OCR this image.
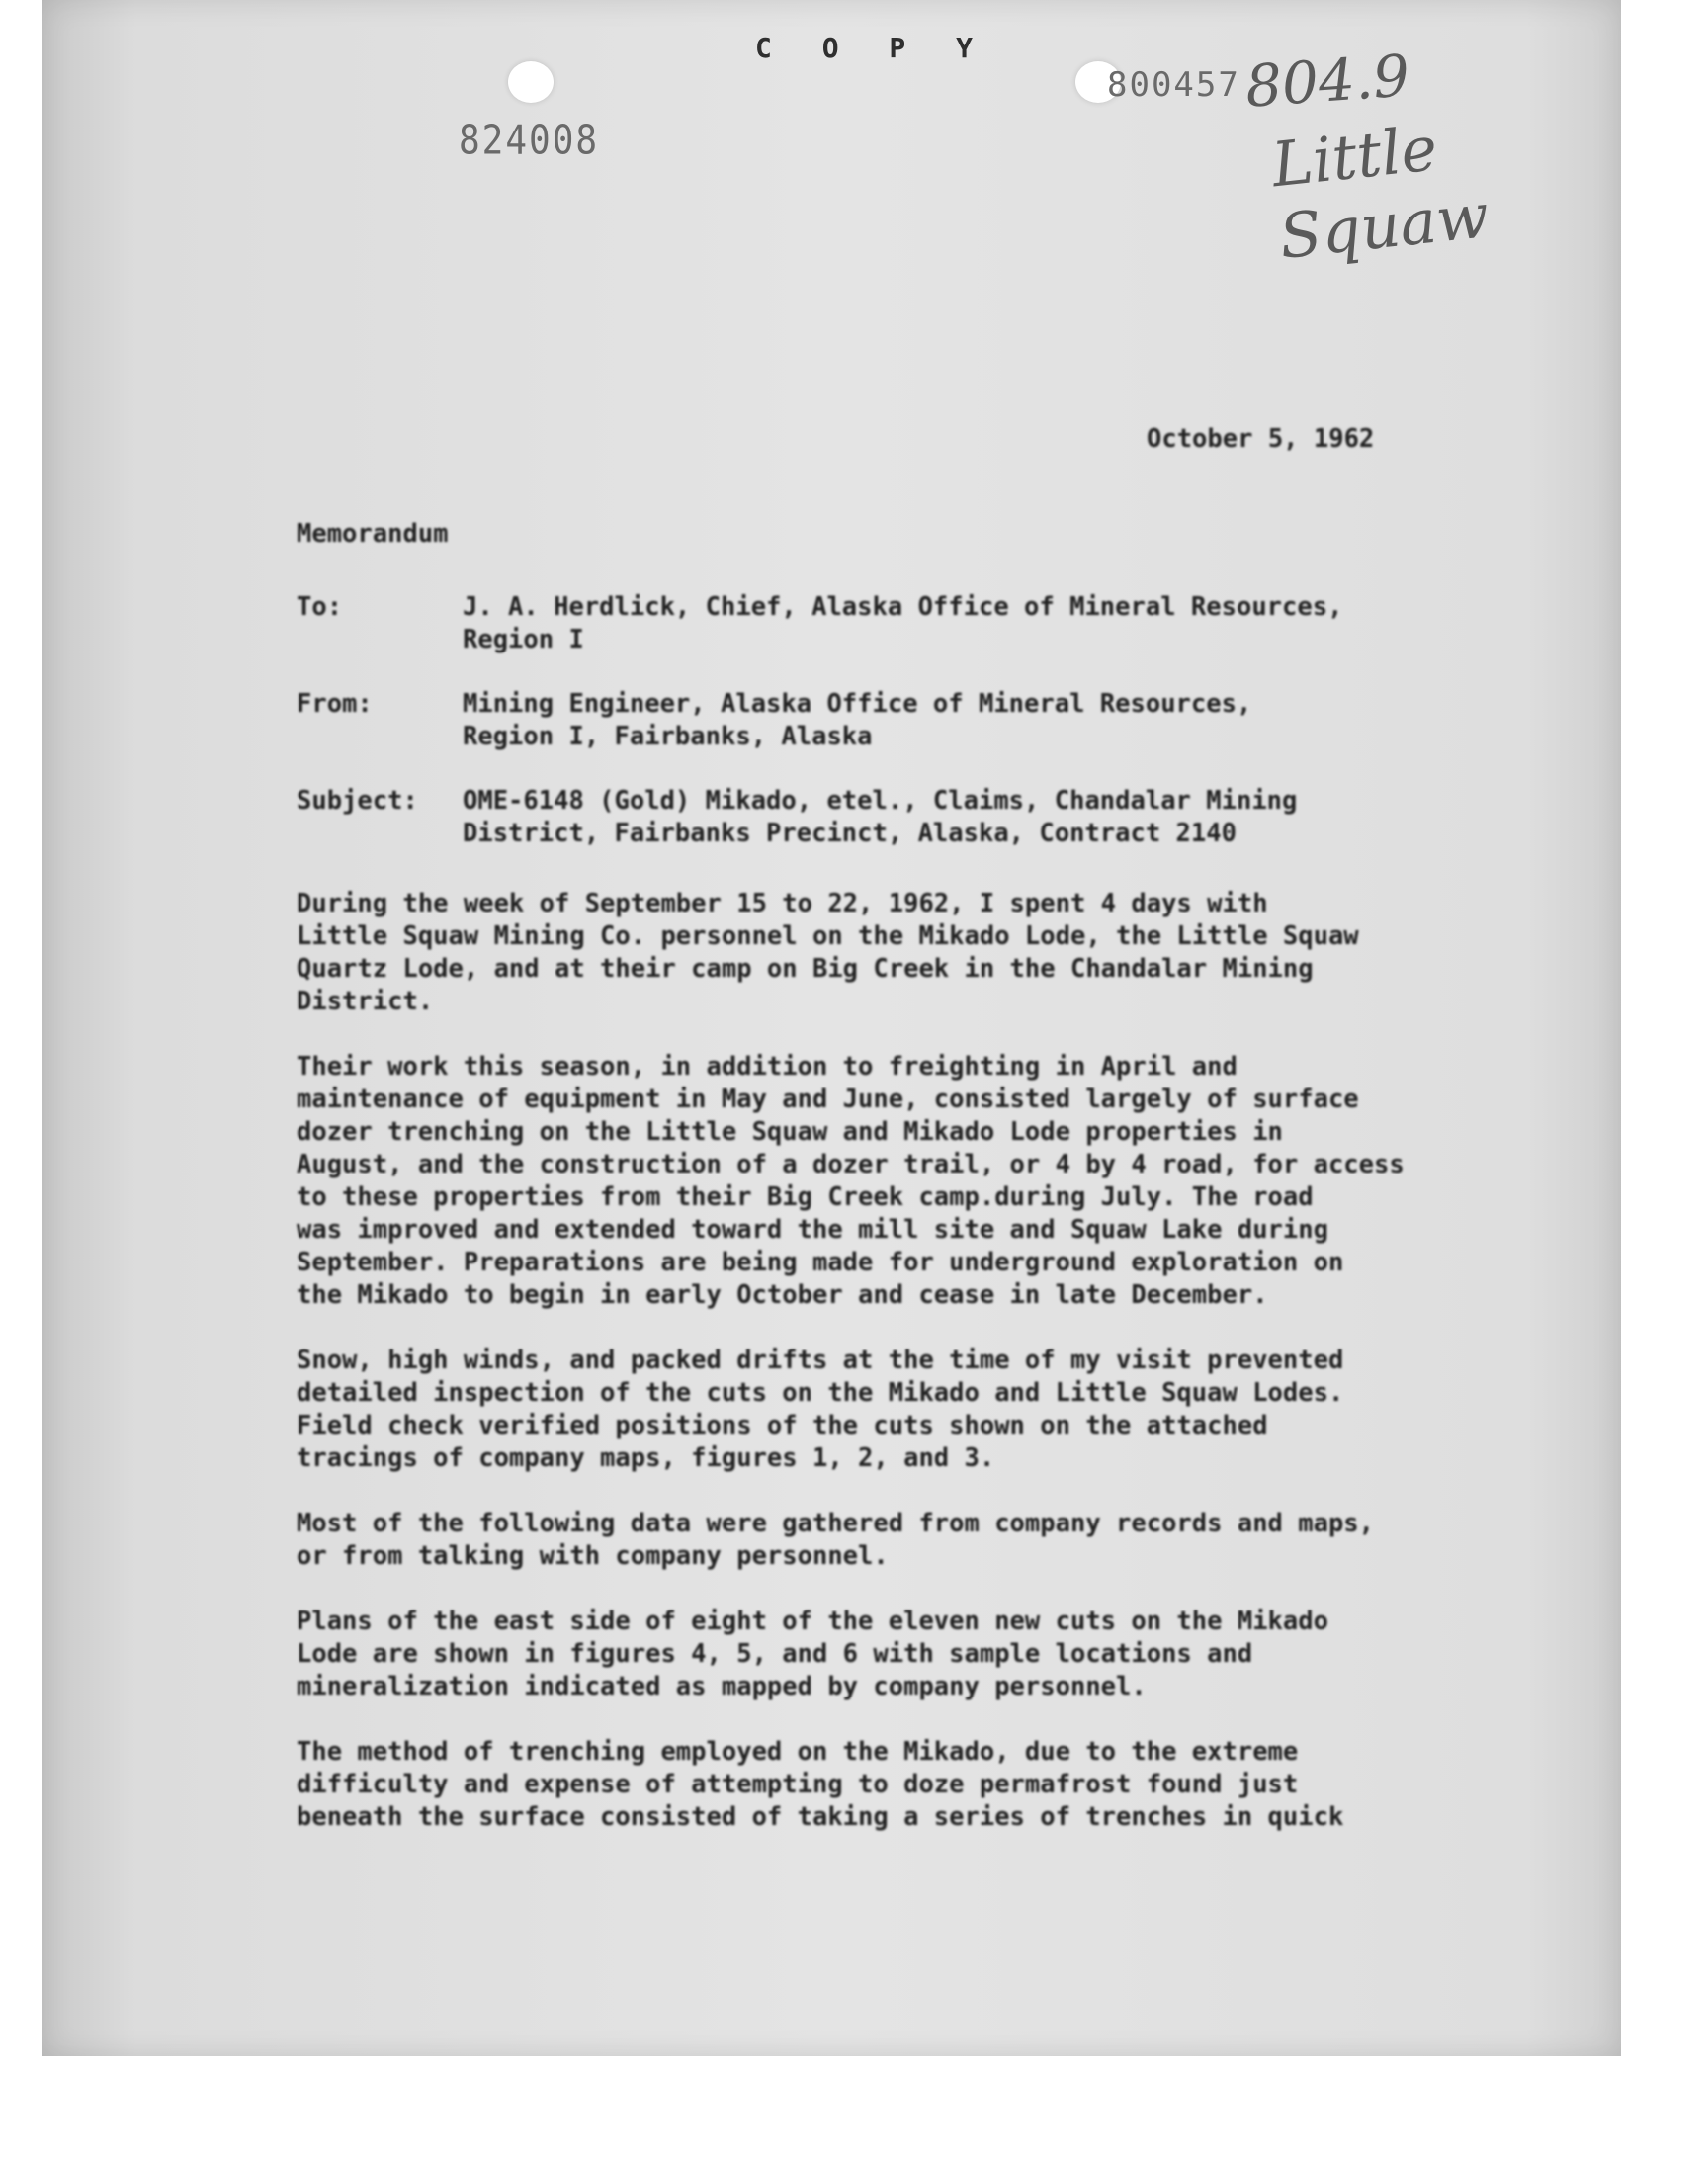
C O P Y
824008
800457 804.9
Little Squaw
October 5, 1962
Memorandum
To:	J. A. Herdlick, Chief, Alaska Office of Mineral Resources,
Region I
From:	Mining Engineer, Alaska Office of Mineral Resources,
Region I, Fairbanks, Alaska
Subject: OME-6148 (Gold) Mikado, etel., Claims, Chandalar Mining
District, Fairbanks Precinct, Alaska, Contract 2140

During the week of September 15 to 22, 1962, I spent 4 days with
Little Squaw Mining Co. personnel on the Mikado Lode, the Little Squaw
Quartz Lode, and at their camp on Big Creek in the Chandalar Mining
District.

Their work this season, in addition to freighting in April and
maintenance of equipment in May and June, consisted largely of surface
dozer trenching on the Little Squaw and Mikado Lode properties in
August, and the construction of a dozer trail, or 4 by 4 road, for access
to these properties from their Big Creek camp.during July. The road
was improved and extended toward the mill site and Squaw Lake during
September. Preparations are being made for underground exploration on
the Mikado to begin in early October and cease in late December.

Snow, high winds, and packed drifts at the time of my visit prevented
detailed inspection of the cuts on the Mikado and Little Squaw Lodes.
Field check verified positions of the cuts shown on the attached
tracings of company maps, figures 1, 2, and 3.

Most of the following data were gathered from company records and maps,
or from talking with company personnel.

Plans of the east side of eight of the eleven new cuts on the Mikado
Lode are shown in figures 4, 5, and 6 with sample locations and
mineralization indicated as mapped by company personnel.

The method of trenching employed on the Mikado, due to the extreme
difficulty and expense of attempting to doze permafrost found just
beneath the surface consisted of taking a series of trenches in quick
